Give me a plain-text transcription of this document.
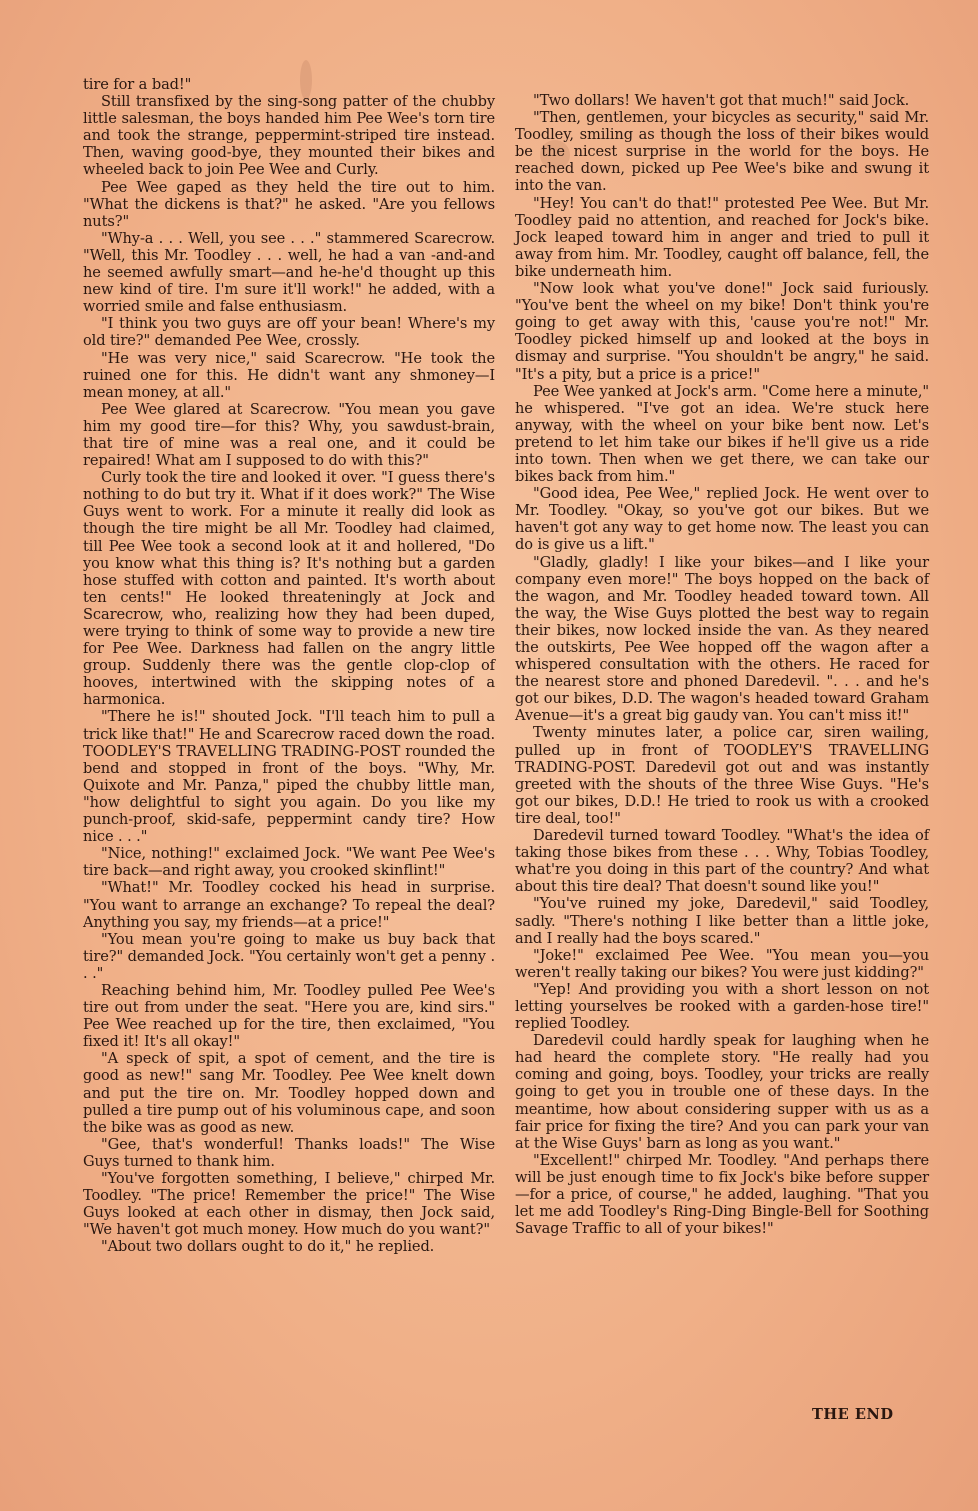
tire for a bad!"

Still transfixed by the sing-song patter of the chubby little salesman, the boys handed him Pee Wee's torn tire and took the strange, peppermint-striped tire instead. Then, waving good-bye, they mounted their bikes and wheeled back to join Pee Wee and Curly.

Pee Wee gaped as they held the tire out to him. "What the dickens is that?" he asked. "Are you fellows nuts?"

"Why-a . . . Well, you see . . ." stammered Scarecrow. "Well, this Mr. Toodley . . . well, he had a van -and-and he seemed awfully smart—and he-he'd thought up this new kind of tire. I'm sure it'll work!" he added, with a worried smile and false enthusiasm.

"I think you two guys are off your bean! Where's my old tire?" demanded Pee Wee, crossly.

"He was very nice," said Scarecrow. "He took the ruined one for this. He didn't want any shmoney—I mean money, at all."

Pee Wee glared at Scarecrow. "You mean you gave him my good tire—for this? Why, you sawdust-brain, that tire of mine was a real one, and it could be repaired! What am I supposed to do with this?"

Curly took the tire and looked it over. "I guess there's nothing to do but try it. What if it does work?" The Wise Guys went to work. For a minute it really did look as though the tire might be all Mr. Toodley had claimed, till Pee Wee took a second look at it and hollered, "Do you know what this thing is? It's nothing but a garden hose stuffed with cotton and painted. It's worth about ten cents!" He looked threateningly at Jock and Scarecrow, who, realizing how they had been duped, were trying to think of some way to provide a new tire for Pee Wee. Darkness had fallen on the angry little group. Suddenly there was the gentle clop-clop of hooves, intertwined with the skipping notes of a harmonica.

"There he is!" shouted Jock. "I'll teach him to pull a trick like that!" He and Scarecrow raced down the road. TOODLEY'S TRAVELLING TRADING-POST rounded the bend and stopped in front of the boys. "Why, Mr. Quixote and Mr. Panza," piped the chubby little man, "how delightful to sight you again. Do you like my punch-proof, skid-safe, peppermint candy tire? How nice . . ."

"Nice, nothing!" exclaimed Jock. "We want Pee Wee's tire back—and right away, you crooked skinflint!"

"What!" Mr. Toodley cocked his head in surprise. "You want to arrange an exchange? To repeal the deal? Anything you say, my friends—at a price!"

"You mean you're going to make us buy back that tire?" demanded Jock. "You certainly won't get a penny . . ."

Reaching behind him, Mr. Toodley pulled Pee Wee's tire out from under the seat. "Here you are, kind sirs." Pee Wee reached up for the tire, then exclaimed, "You fixed it! It's all okay!"

"A speck of spit, a spot of cement, and the tire is good as new!" sang Mr. Toodley. Pee Wee knelt down and put the tire on. Mr. Toodley hopped down and pulled a tire pump out of his voluminous cape, and soon the bike was as good as new.

"Gee, that's wonderful! Thanks loads!" The Wise Guys turned to thank him.

"You've forgotten something, I believe," chirped Mr. Toodley. "The price! Remember the price!" The Wise Guys looked at each other in dismay, then Jock said, "We haven't got much money. How much do you want?"

"About two dollars ought to do it," he replied.

"Two dollars! We haven't got that much!" said Jock.

"Then, gentlemen, your bicycles as security," said Mr. Toodley, smiling as though the loss of their bikes would be the nicest surprise in the world for the boys. He reached down, picked up Pee Wee's bike and swung it into the van.

"Hey! You can't do that!" protested Pee Wee. But Mr. Toodley paid no attention, and reached for Jock's bike. Jock leaped toward him in anger and tried to pull it away from him. Mr. Toodley, caught off balance, fell, the bike underneath him.

"Now look what you've done!" Jock said furiously. "You've bent the wheel on my bike! Don't think you're going to get away with this, 'cause you're not!" Mr. Toodley picked himself up and looked at the boys in dismay and surprise. "You shouldn't be angry," he said. "It's a pity, but a price is a price!"

Pee Wee yanked at Jock's arm. "Come here a minute," he whispered. "I've got an idea. We're stuck here anyway, with the wheel on your bike bent now. Let's pretend to let him take our bikes if he'll give us a ride into town. Then when we get there, we can take our bikes back from him."

"Good idea, Pee Wee," replied Jock. He went over to Mr. Toodley. "Okay, so you've got our bikes. But we haven't got any way to get home now. The least you can do is give us a lift."

"Gladly, gladly! I like your bikes—and I like your company even more!" The boys hopped on the back of the wagon, and Mr. Toodley headed toward town. All the way, the Wise Guys plotted the best way to regain their bikes, now locked inside the van. As they neared the outskirts, Pee Wee hopped off the wagon after a whispered consultation with the others. He raced for the nearest store and phoned Daredevil. ". . . and he's got our bikes, D.D. The wagon's headed toward Graham Avenue—it's a great big gaudy van. You can't miss it!"

Twenty minutes later, a police car, siren wailing, pulled up in front of TOODLEY'S TRAVELLING TRADING-POST. Daredevil got out and was instantly greeted with the shouts of the three Wise Guys. "He's got our bikes, D.D.! He tried to rook us with a crooked tire deal, too!"

Daredevil turned toward Toodley. "What's the idea of taking those bikes from these . . . Why, Tobias Toodley, what're you doing in this part of the country? And what about this tire deal? That doesn't sound like you!"

"You've ruined my joke, Daredevil," said Toodley, sadly. "There's nothing I like better than a little joke, and I really had the boys scared."

"Joke!" exclaimed Pee Wee. "You mean you—you weren't really taking our bikes? You were just kidding?"

"Yep! And providing you with a short lesson on not letting yourselves be rooked with a garden-hose tire!" replied Toodley.

Daredevil could hardly speak for laughing when he had heard the complete story. "He really had you coming and going, boys. Toodley, your tricks are really going to get you in trouble one of these days. In the meantime, how about considering supper with us as a fair price for fixing the tire? And you can park your van at the Wise Guys' barn as long as you want."

"Excellent!" chirped Mr. Toodley. "And perhaps there will be just enough time to fix Jock's bike before supper—for a price, of course," he added, laughing. "That you let me add Toodley's Ring-Ding Bingle-Bell for Soothing Savage Traffic to all of your bikes!"

THE END
